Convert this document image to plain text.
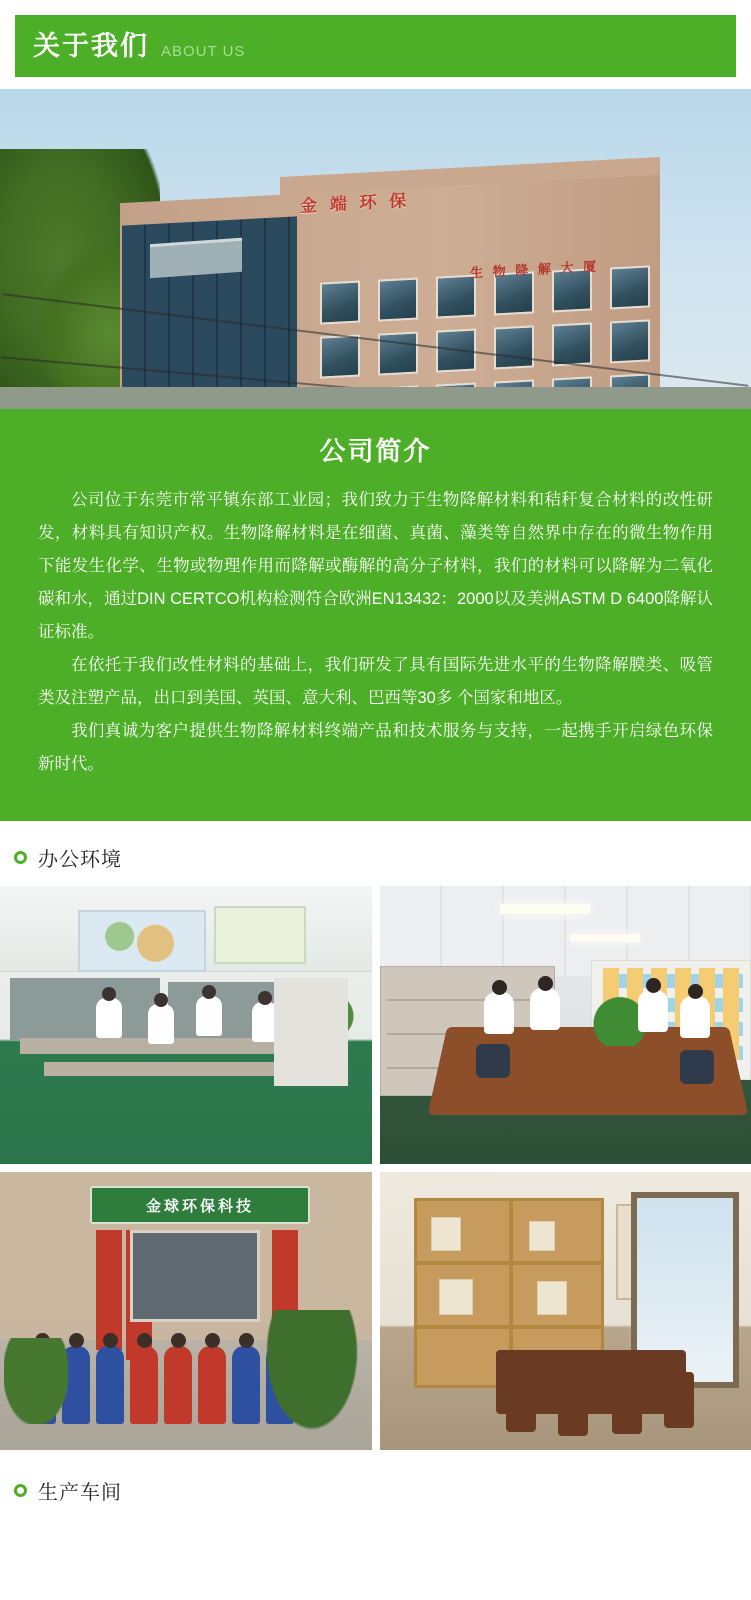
关于我们 ABOUT US
金 端 环 保
生 物 降 解 大 厦
公司简介

公司位于东莞市常平镇东部工业园；我们致力于生物降解材料和秸秆复合材料的改性研发，材料具有知识产权。生物降解材料是在细菌、真菌、藻类等自然界中存在的微生物作用下能发生化学、生物或物理作用而降解或酶解的高分子材料，我们的材料可以降解为二氧化碳和水，通过DIN CERTCO机构检测符合欧洲EN13432：2000以及美洲ASTM D 6400降解认证标准。

在依托于我们改性材料的基础上，我们研发了具有国际先进水平的生物降解膜类、吸管类及注塑产品，出口到美国、英国、意大利、巴西等30多 个国家和地区。

我们真诚为客户提供生物降解材料终端产品和技术服务与支持，一起携手开启绿色环保新时代。

办公环境
金球环保科技
生产车间
